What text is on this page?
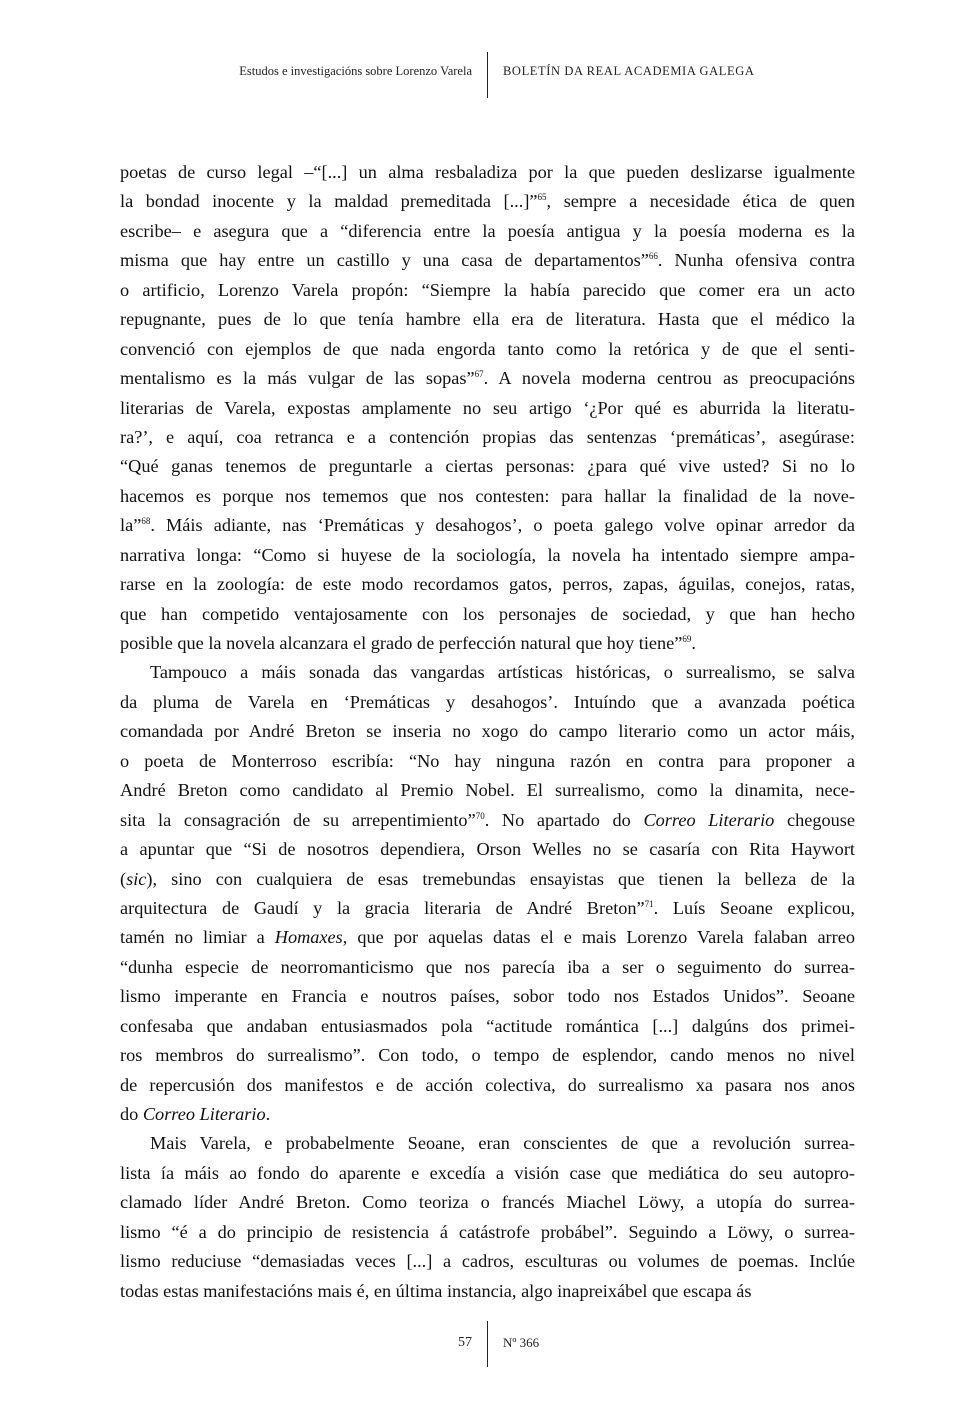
Estudos e investigacións sobre Lorenzo Varela BOLETÍN DA REAL ACADEMIA GALEGA
poetas de curso legal –“[...] un alma resbaladiza por la que pueden deslizarse igualmente
la bondad inocente y la maldad premeditada [...]”$^{65}$, sempre a necesidade ética de quen
escribe– e asegura que a “diferencia entre la poesía antigua y la poesía moderna es la
misma que hay entre un castillo y una casa de departamentos”$^{66}$. Nunha ofensiva contra
o artificio, Lorenzo Varela propón: “Siempre la había parecido que comer era un acto
repugnante, pues de lo que tenía hambre ella era de literatura. Hasta que el médico la
convenció con ejemplos de que nada engorda tanto como la retórica y de que el senti-
mentalismo es la más vulgar de las sopas”$^{67}$. A novela moderna centrou as preocupacións
literarias de Varela, expostas amplamente no seu artigo ‘¿Por qué es aburrida la literatu-
ra?’, e aquí, coa retranca e a contención propias das sentenzas ‘premáticas’, asegúrase:
“Qué ganas tenemos de preguntarle a ciertas personas: ¿para qué vive usted? Si no lo
hacemos es porque nos tememos que nos contesten: para hallar la finalidad de la nove-
la”$^{68}$. Máis adiante, nas ‘Premáticas y desahogos’, o poeta galego volve opinar arredor da
narrativa longa: “Como si huyese de la sociología, la novela ha intentado siempre ampa-
rarse en la zoología: de este modo recordamos gatos, perros, zapas, águilas, conejos, ratas,
que han competido ventajosamente con los personajes de sociedad, y que han hecho
posible que la novela alcanzara el grado de perfección natural que hoy tiene”$^{69}$.
Tampouco a máis sonada das vangardas artísticas históricas, o surrealismo, se salva
da pluma de Varela en ‘Premáticas y desahogos’. Intuíndo que a avanzada poética
comandada por André Breton se inseria no xogo do campo literario como un actor máis,
o poeta de Monterroso escribía: “No hay ninguna razón en contra para proponer a
André Breton como candidato al Premio Nobel. El surrealismo, como la dinamita, nece-
sita la consagración de su arrepentimiento”$^{70}$. No apartado do Correo Literario chegouse
a apuntar que “Si de nosotros dependiera, Orson Welles no se casaría con Rita Haywort
(sic), sino con cualquiera de esas tremebundas ensayistas que tienen la belleza de la
arquitectura de Gaudí y la gracia literaria de André Breton”$^{71}$. Luís Seoane explicou,
tamén no limiar a Homaxes, que por aquelas datas el e mais Lorenzo Varela falaban arreo
“dunha especie de neorromanticismo que nos parecía iba a ser o seguimento do surrea-
lismo imperante en Francia e noutros países, sobor todo nos Estados Unidos”. Seoane
confesaba que andaban entusiasmados pola “actitude romántica [...] dalgúns dos primei-
ros membros do surrealismo”. Con todo, o tempo de esplendor, cando menos no nivel
de repercusión dos manifestos e de acción colectiva, do surrealismo xa pasara nos anos
do Correo Literario.
Mais Varela, e probabelmente Seoane, eran conscientes de que a revolución surrea-
lista ía máis ao fondo do aparente e excedía a visión case que mediática do seu autopro-
clamado líder André Breton. Como teoriza o francés Miachel Löwy, a utopía do surrea-
lismo “é a do principio de resistencia á catástrofe probábel”. Seguindo a Löwy, o surrea-
lismo reduciuse “demasiadas veces [...] a cadros, esculturas ou volumes de poemas. Inclúe
todas estas manifestacións mais é, en última instancia, algo inapreixábel que escapa ás
57 Nº 366
